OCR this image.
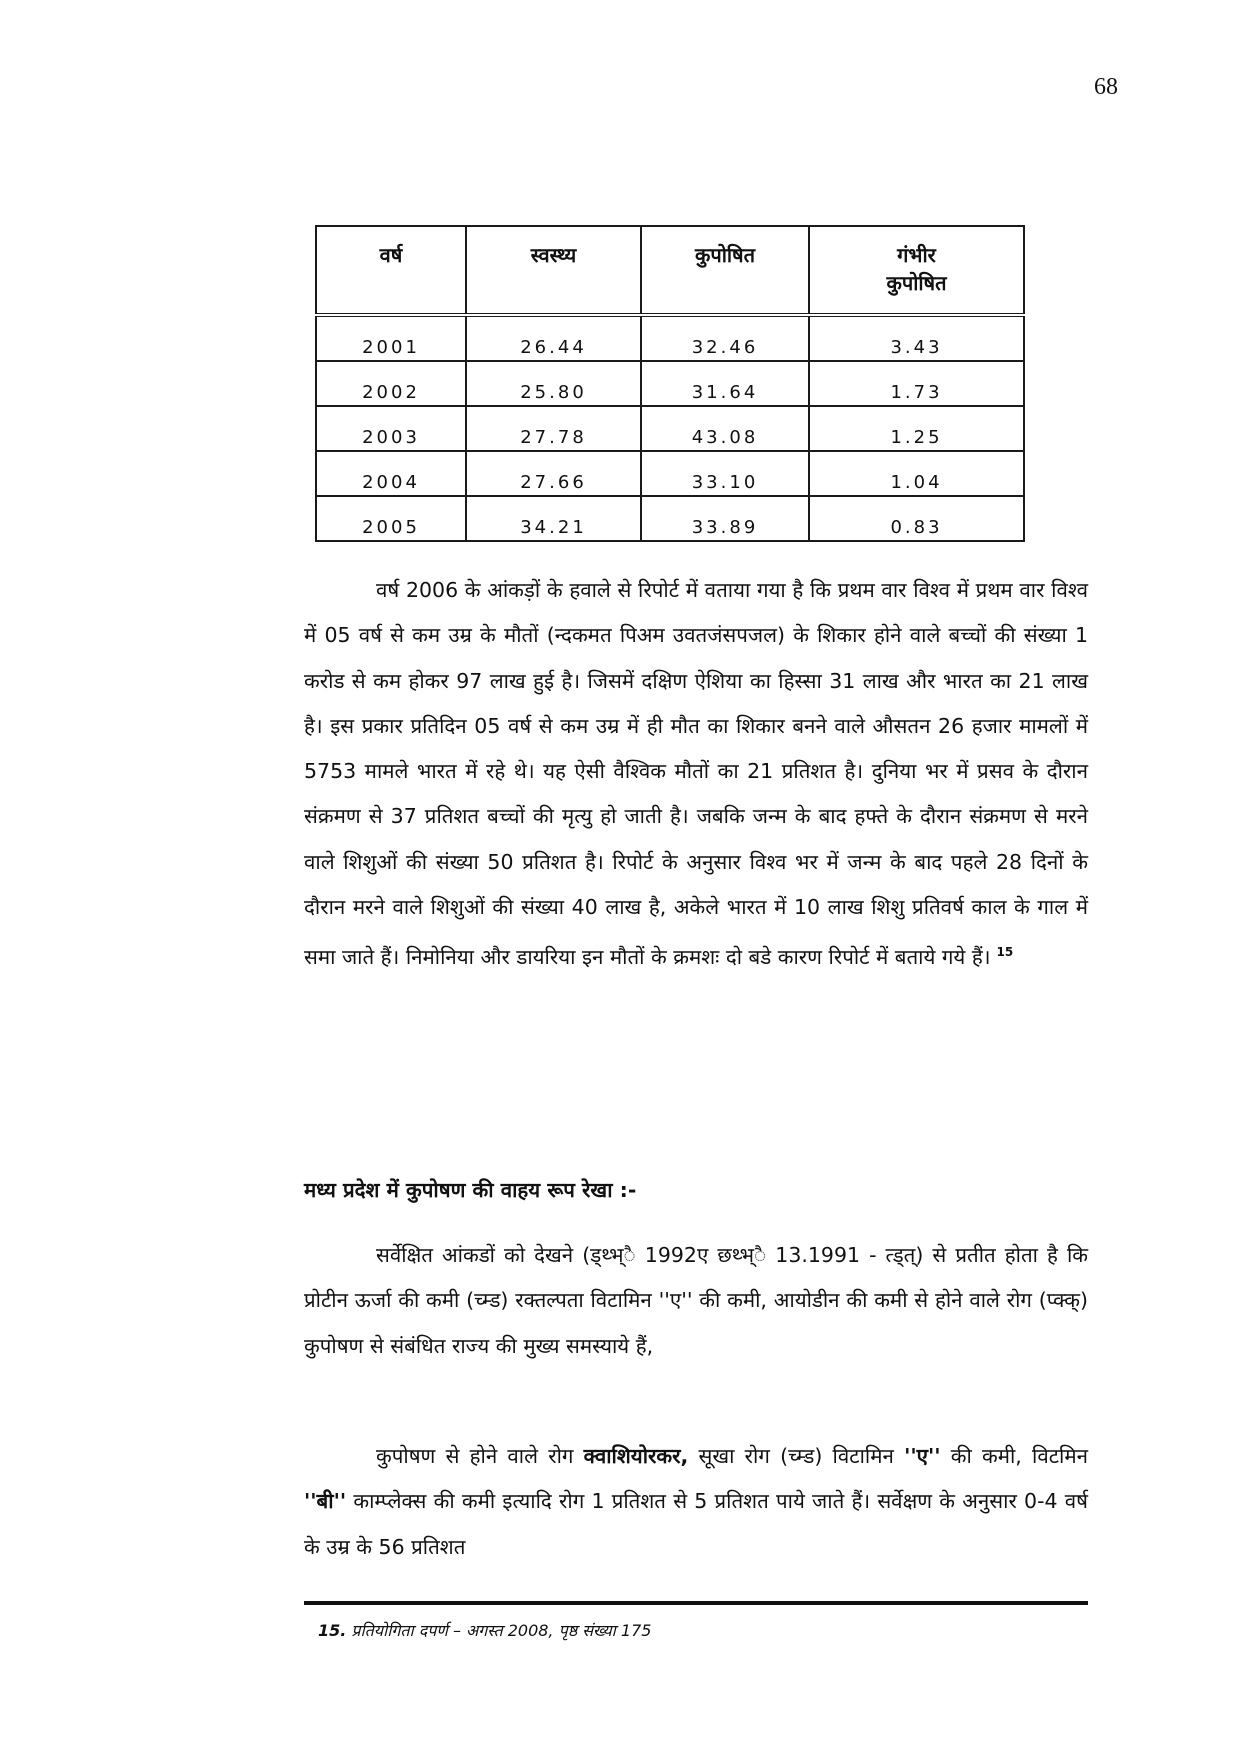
68
वर्ष	स्वस्थ्य	कुपोषित	गंभीर कुपोषित
2001	26.44	32.46	3.43
2002	25.80	31.64	1.73
2003	27.78	43.08	1.25
2004	27.66	33.10	1.04
2005	34.21	33.89	0.83

वर्ष 2006 के आंकड़ों के हवाले से रिपोर्ट में वताया गया है कि प्रथम वार विश्व में प्रथम वार विश्व में 05 वर्ष से कम उम्र के मौतों (न्दकमत पिअम उवतजंसपजल) के शिकार होने वाले बच्चों की संख्या 1 करोड से कम होकर 97 लाख हुई है। जिसमें दक्षिण ऐशिया का हिस्सा 31 लाख और भारत का 21 लाख है। इस प्रकार प्रतिदिन 05 वर्ष से कम उम्र में ही मौत का शिकार बनने वाले औसतन 26 हजार मामलों में 5753 मामले भारत में रहे थे। यह ऐसी वैश्विक मौतों का 21 प्रतिशत है। दुनिया भर में प्रसव के दौरान संक्रमण से 37 प्रतिशत बच्चों की मृत्यु हो जाती है। जबकि जन्म के बाद हफ्ते के दौरान संक्रमण से मरने वाले शिशुओं की संख्या 50 प्रतिशत है। रिपोर्ट के अनुसार विश्व भर में जन्म के बाद पहले 28 दिनों के दौरान मरने वाले शिशुओं की संख्या 40 लाख है, अकेले भारत में 10 लाख शिशु प्रतिवर्ष काल के गाल में समा जाते हैं। निमोनिया और डायरिया इन मौतों के क्रमशः दो बडे कारण रिपोर्ट में बताये गये हैं। $^{15}$

मध्य प्रदेश में कुपोषण की वाहय रूप रेखा :-

सर्वेक्षित आंकडों को देखने (ड्थ्भ्ै 1992ए छथ्भ्ै 13.1991 - त्ड्त्) से प्रतीत होता है कि प्रोटीन ऊर्जा की कमी (च्म्ड) रक्तल्पता विटामिन ''ए'' की कमी, आयोडीन की कमी से होने वाले रोग (प्क्क्) कुपोषण से संबंधित राज्य की मुख्य समस्याये हैं,

कुपोषण से होने वाले रोग क्वाशियोरकर, सूखा रोग (च्म्ड) विटामिन ''ए'' की कमी, विटमिन ''बी'' काम्प्लेक्स की कमी इत्यादि रोग 1 प्रतिशत से 5 प्रतिशत पाये जाते हैं। सर्वेक्षण के अनुसार 0-4 वर्ष के उम्र के 56 प्रतिशत

15. प्रतियोगिता दपर्ण – अगस्त 2008, पृष्ठ संख्या 175
